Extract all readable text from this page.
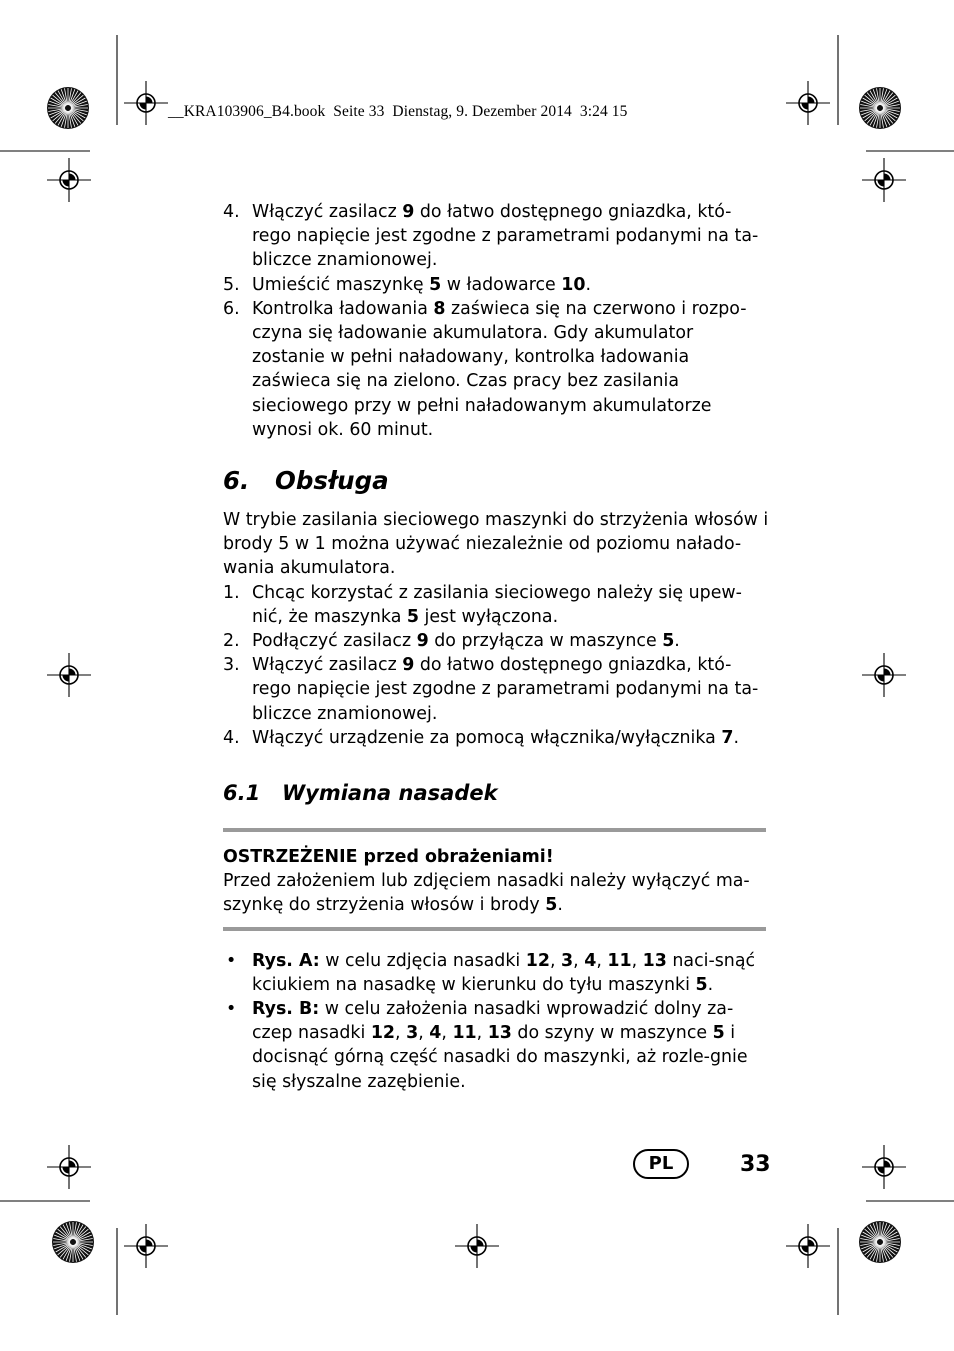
__KRA103906_B4.book  Seite 33  Dienstag, 9. Dezember 2014  3:24 15
4. Włączyć zasilacz 9 do łatwo dostępnego gniazdka, któ-rego napięcie jest zgodne z parametrami podanymi na ta-bliczce znamionowej.
5. Umieścić maszynkę 5 w ładowarce 10.
6. Kontrolka ładowania 8 zaświeca się na czerwono i rozpo-czyna się ładowanie akumulatora. Gdy akumulator zostanie w pełni naładowany, kontrolka ładowania zaświeca się na zielono. Czas pracy bez zasilania sieciowego przy w pełni naładowanym akumulatorze wynosi ok. 60 minut.
6. Obsługa

W trybie zasilania sieciowego maszynki do strzyżenia włosów i brody 5 w 1 można używać niezależnie od poziomu nałado-wania akumulatora.

1. Chcąc korzystać z zasilania sieciowego należy się upew-nić, że maszynka 5 jest wyłączona.
2. Podłączyć zasilacz 9 do przyłącza w maszynce 5.
3. Włączyć zasilacz 9 do łatwo dostępnego gniazdka, któ-rego napięcie jest zgodne z parametrami podanymi na ta-bliczce znamionowej.
4. Włączyć urządzenie za pomocą włącznika/wyłącznika 7.
6.1 Wymiana nasadek
OSTRZEŻENIE przed obrażeniami!
Przed założeniem lub zdjęciem nasadki należy wyłączyć ma-szynkę do strzyżenia włosów i brody 5.
• Rys. A: w celu zdjęcia nasadki 12, 3, 4, 11, 13 naci-snąć kciukiem na nasadkę w kierunku do tyłu maszynki 5.
• Rys. B: w celu założenia nasadki wprowadzić dolny za-czep nasadki 12, 3, 4, 11, 13 do szyny w maszynce 5 i docisnąć górną część nasadki do maszynki, aż rozle-gnie się słyszalne zazębienie.
PL	33
